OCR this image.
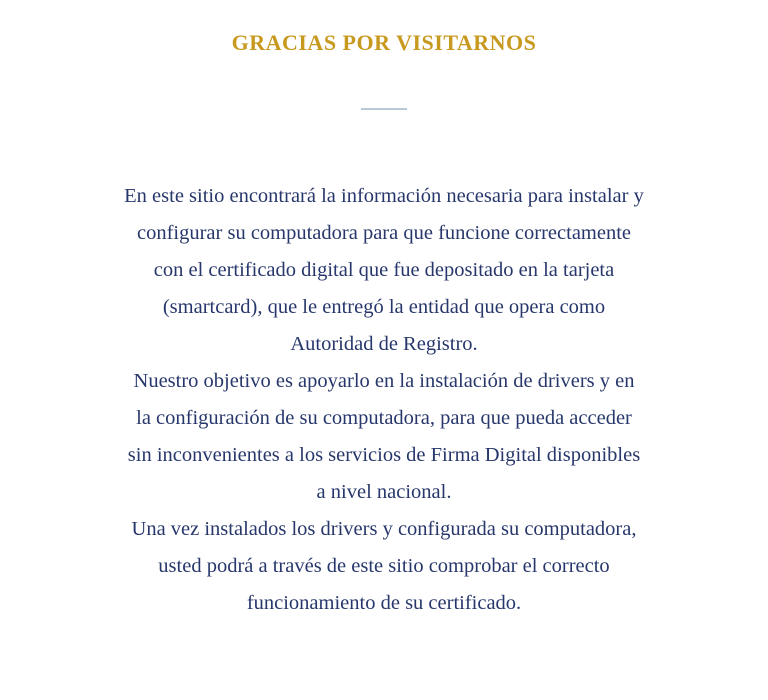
GRACIAS POR VISITARNOS

En este sitio encontrará la información necesaria para instalar y configurar su computadora para que funcione correctamente con el certificado digital que fue depositado en la tarjeta (smartcard), que le entregó la entidad que opera como Autoridad de Registro.

Nuestro objetivo es apoyarlo en la instalación de drivers y en la configuración de su computadora, para que pueda acceder sin inconvenientes a los servicios de Firma Digital disponibles a nivel nacional.

Una vez instalados los drivers y configurada su computadora, usted podrá a través de este sitio comprobar el correcto funcionamiento de su certificado.
